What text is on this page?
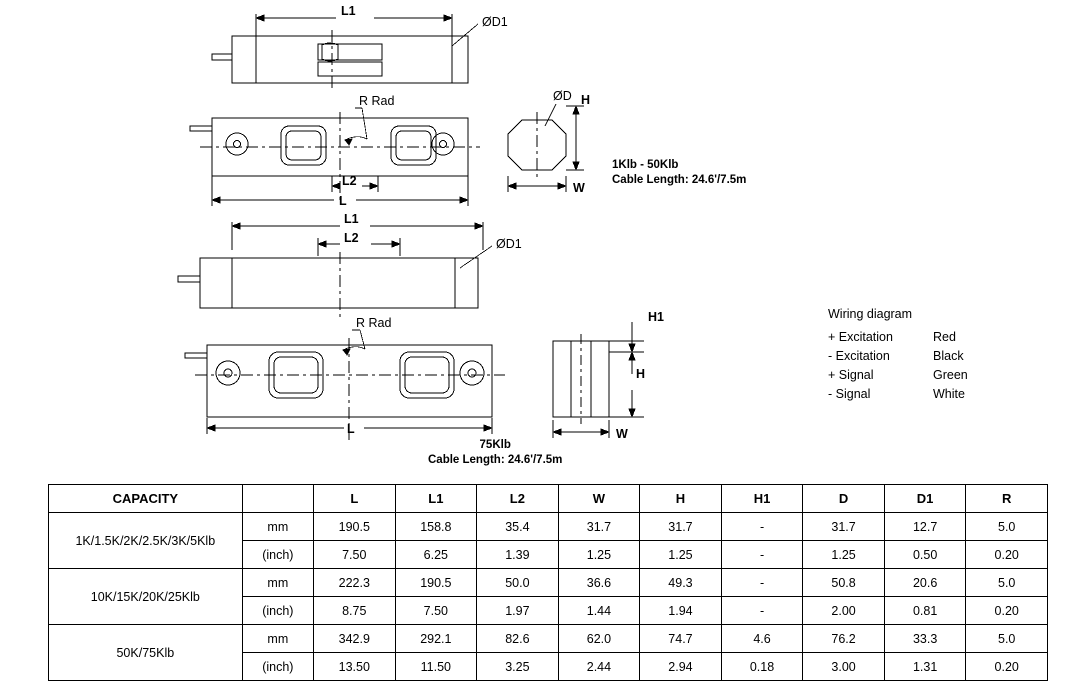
ØD1
L1
R Rad
L2
L
ØD H
W
L1
L2	ØD1
R Rad
L
H1
H
W
1Klb - 50Klb
Cable Length: 24.6'/7.5m
75Klb
Cable Length: 24.6'/7.5m
Wiring diagram
+ Excitation	Red
- Excitation	Black
+ Signal	Green
- Signal	White
CAPACITY		L	L1	L2	W	H	H1	D	D1	R
1K/1.5K/2K/2.5K/3K/5Klb	mm	190.5	158.8	35.4	31.7	31.7	-	31.7	12.7	5.0
	(inch)	7.50	6.25	1.39	1.25	1.25	-	1.25	0.50	0.20
10K/15K/20K/25Klb	mm	222.3	190.5	50.0	36.6	49.3	-	50.8	20.6	5.0
	(inch)	8.75	7.50	1.97	1.44	1.94	-	2.00	0.81	0.20
50K/75Klb	mm	342.9	292.1	82.6	62.0	74.7	4.6	76.2	33.3	5.0
	(inch)	13.50	11.50	3.25	2.44	2.94	0.18	3.00	1.31	0.20
